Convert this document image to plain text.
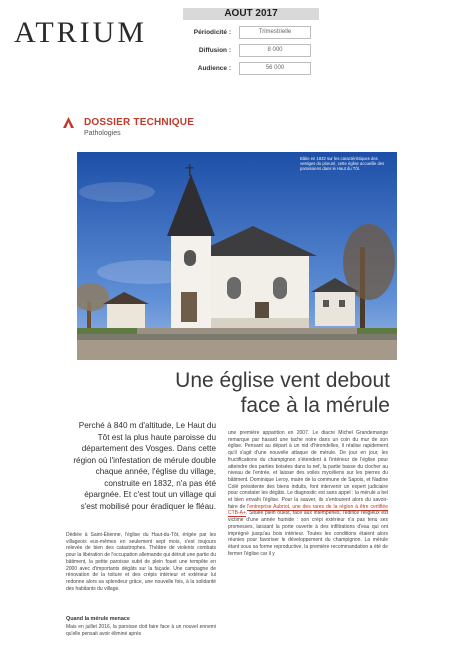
ATRIUM
AOUT 2017
Périodicité :	Trimestrielle
Diffusion :	8 000
Audience :	56 000
DOSSIER TECHNIQUE
Pathologies
Bâtie en 1832 sur les caractéristiques des vestiges du prieuré, cette église accueille des paroissiens dans le Haut du Tôt.
Une église vent debout
face à la mérule
Perché à 840 m d'altitude, Le Haut du Tôt est la plus haute paroisse du département des Vosges. Dans cette région où l'infestation de mérule double chaque année, l'église du village, construite en 1832, n'a pas été épargnée. Et c'est tout un village qui s'est mobilisé pour éradiquer le fléau.
Dédiée à Saint-Étienne, l'église du Haut-du-Tôt, érigée par les villageois eux-mêmes en seulement sept mois, s'est toujours relevée de bien des catastrophes. Théâtre de violents combats pour la libération de l'occupation allemande qui détruit une partie du bâtiment, la petite paroisse subit de plein fouet une tempête en 2000 avec d'importants dégâts sur la façade. Une campagne de rénovation de la toiture et des crépis intérieur et extérieur lui redonne alors sa splendeur grâce, une nouvelle fois, à la solidarité des habitants du village.
Quand la mérule menace
Mais en juillet 2016, la paroisse doit faire face à un nouvel ennemi qu'elle pensait avoir éliminé après
une première apparition en 2007. Le diacre Michel Grandemange remarque par hasard une tache noire dans un coin du mur de son église. Pensant au départ à un nid d'hirondelles, il réalise rapidement qu'il s'agit d'une nouvelle attaque de mérule. De jour en jour, les fructifications du champignon s'étendent à l'intérieur de l'église pour atteindre des parties boisées dans la nef, la partie basse du clocher au niveau de l'entrée, et laisser des voiles mycéliens sur les pierres du bâtiment. Dominique Leroy, maire de la commune de Sapois, et Nadine Colé présidente des biens induits, font intervenir un expert judiciaire pour constater les dégâts. Le diagnostic est sans appel : la mérule a bel et bien envahi l'église. Pour la sauver, ils s'entourent alors du savoir-faire de l'entreprise Aubriot, une des rares de la région à être certifiée CTB-A+. Située plein ouest, face aux intempéries, l'édifice religieux est victime d'une année humide : son crépi extérieur n'a pas tenu ses promesses, laissant la porte ouverte à des infiltrations d'eau qui ont imprégné jusqu'au bois intérieur. Toutes les conditions étaient alors réunies pour favoriser le développement du champignon. La mérule étant sous sa forme reproductive, la première recommandation a été de fermer l'église car il y
